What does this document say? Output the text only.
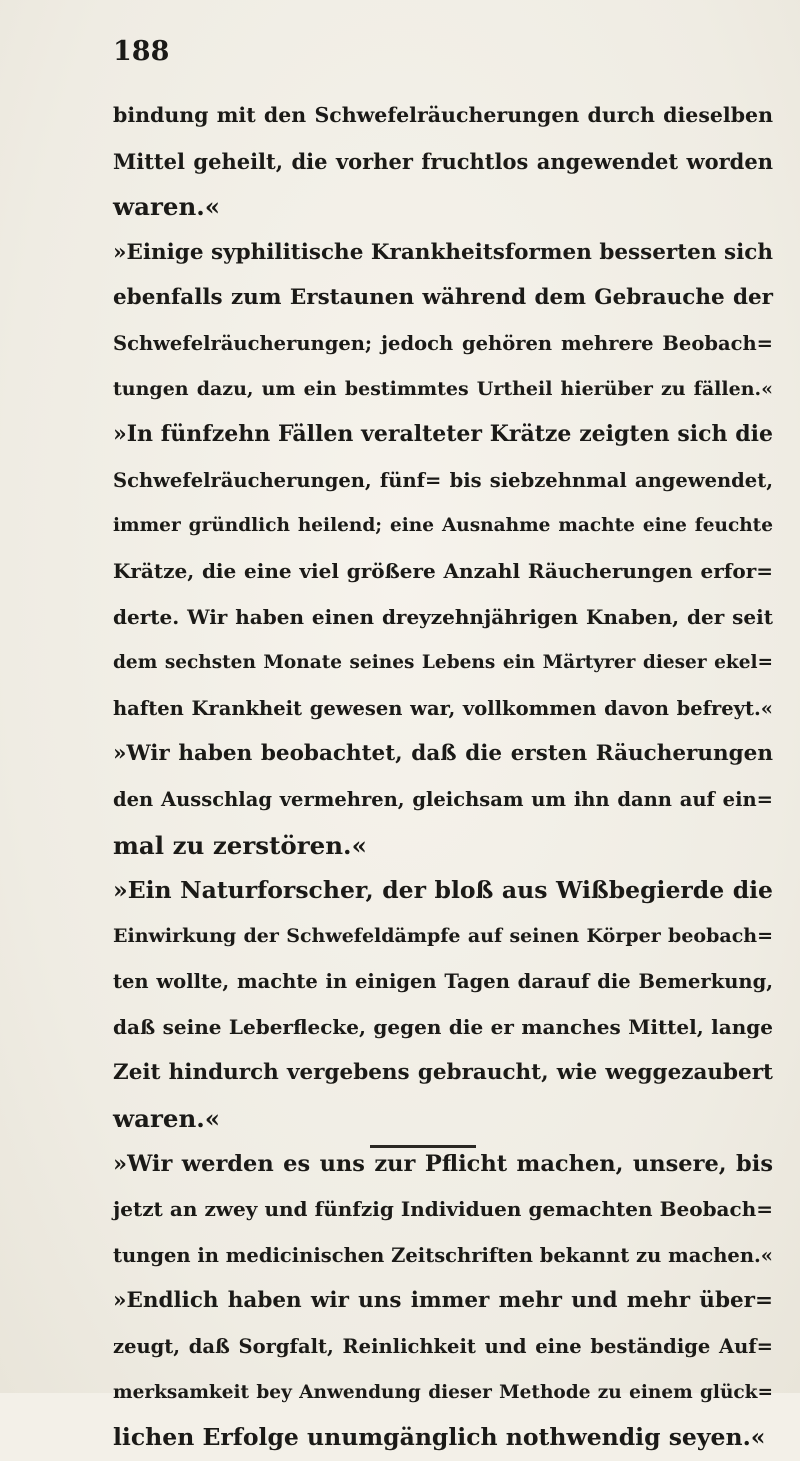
188
bindung mit den Schwefelräucherungen durch dieselben
Mittel geheilt, die vorher fruchtlos angewendet worden
waren.«
»Einige syphilitische Krankheitsformen besserten sich
ebenfalls zum Erstaunen während dem Gebrauche der
Schwefelräucherungen; jedoch gehören mehrere Beobach=
tungen dazu, um ein bestimmtes Urtheil hierüber zu fällen.«
»In fünfzehn Fällen veralteter Krätze zeigten sich die
Schwefelräucherungen, fünf= bis siebzehnmal angewendet,
immer gründlich heilend; eine Ausnahme machte eine feuchte
Krätze, die eine viel größere Anzahl Räucherungen erfor=
derte. Wir haben einen dreyzehnjährigen Knaben, der seit
dem sechsten Monate seines Lebens ein Märtyrer dieser ekel=
haften Krankheit gewesen war, vollkommen davon befreyt.«
»Wir haben beobachtet, daß die ersten Räucherungen
den Ausschlag vermehren, gleichsam um ihn dann auf ein=
mal zu zerstören.«
»Ein Naturforscher, der bloß aus Wißbegierde die
Einwirkung der Schwefeldämpfe auf seinen Körper beobach=
ten wollte, machte in einigen Tagen darauf die Bemerkung,
daß seine Leberflecke, gegen die er manches Mittel, lange
Zeit hindurch vergebens gebraucht, wie weggezaubert
waren.«
»Wir werden es uns zur Pflicht machen, unsere, bis
jetzt an zwey und fünfzig Individuen gemachten Beobach=
tungen in medicinischen Zeitschriften bekannt zu machen.«
»Endlich haben wir uns immer mehr und mehr über=
zeugt, daß Sorgfalt, Reinlichkeit und eine beständige Auf=
merksamkeit bey Anwendung dieser Methode zu einem glück=
lichen Erfolge unumgänglich nothwendig seyen.«
